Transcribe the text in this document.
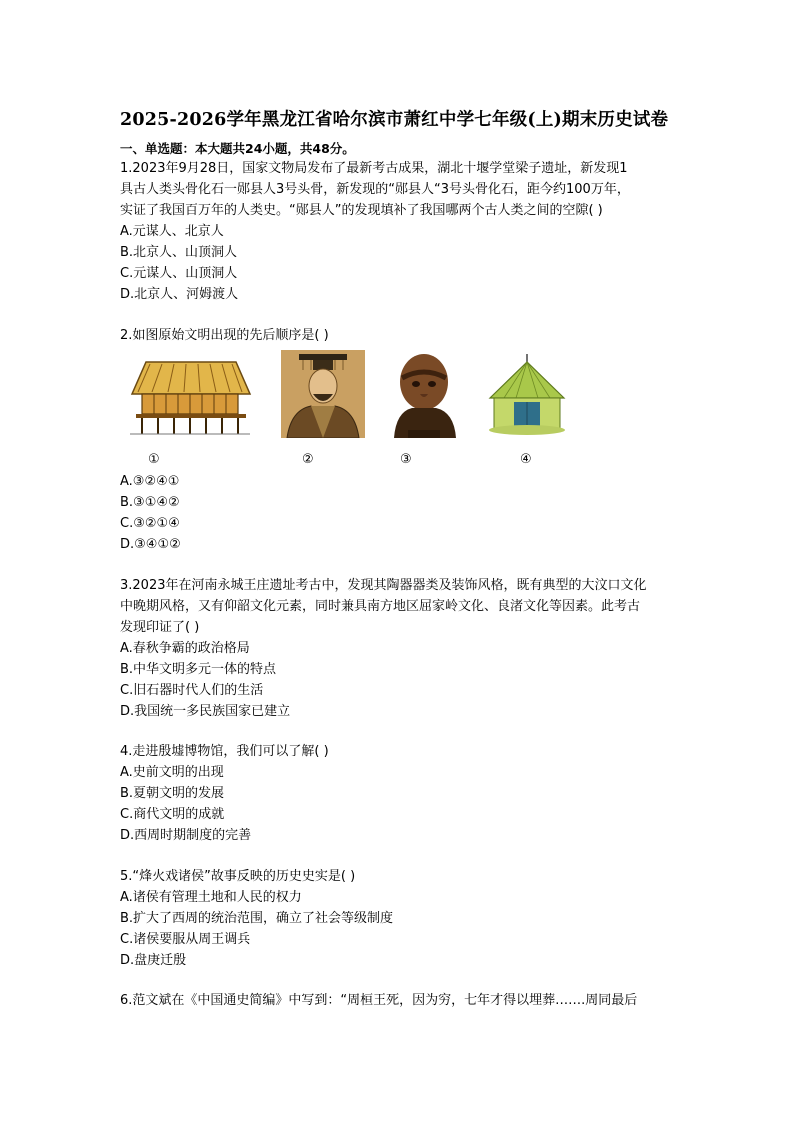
2025-2026学年黑龙江省哈尔滨市萧红中学七年级(上)期末历史试卷
一、单选题：本大题共24小题，共48分。
1.2023年9月28日，国家文物局发布了最新考古成果，湖北十堰学堂梁子遗址，新发现1
具古人类头骨化石一郧县人3号头骨，新发现的“郧县人“3号头骨化石，距今约100万年，
实证了我国百万年的人类史。“郧县人”的发现填补了我国哪两个古人类之间的空隙( )
A.元谋人、北京人
B.北京人、山顶洞人
C.元谋人、山顶洞人
D.北京人、河姆渡人
2.如图原始文明出现的先后顺序是( )
①	②	③	④
A.③②④①
B.③①④②
C.③②①④
D.③④①②
3.2023年在河南永城王庄遗址考古中，发现其陶器器类及装饰风格，既有典型的大汶口文化
中晚期风格，又有仰韶文化元素，同时兼具南方地区屈家岭文化、良渚文化等因素。此考古
发现印证了( )
A.春秋争霸的政治格局
B.中华文明多元一体的特点
C.旧石器时代人们的生活
D.我国统一多民族国家已建立
4.走进殷墟博物馆，我们可以了解( )
A.史前文明的出现
B.夏朝文明的发展
C.商代文明的成就
D.西周时期制度的完善
5.“烽火戏诸侯”故事反映的历史史实是( )
A.诸侯有管理土地和人民的权力
B.扩大了西周的统治范围，确立了社会等级制度
C.诸侯要服从周王调兵
D.盘庚迁殷
6.范文斌在《中国通史简编》中写到：“周桓王死，因为穷，七年才得以埋葬…….周同最后
